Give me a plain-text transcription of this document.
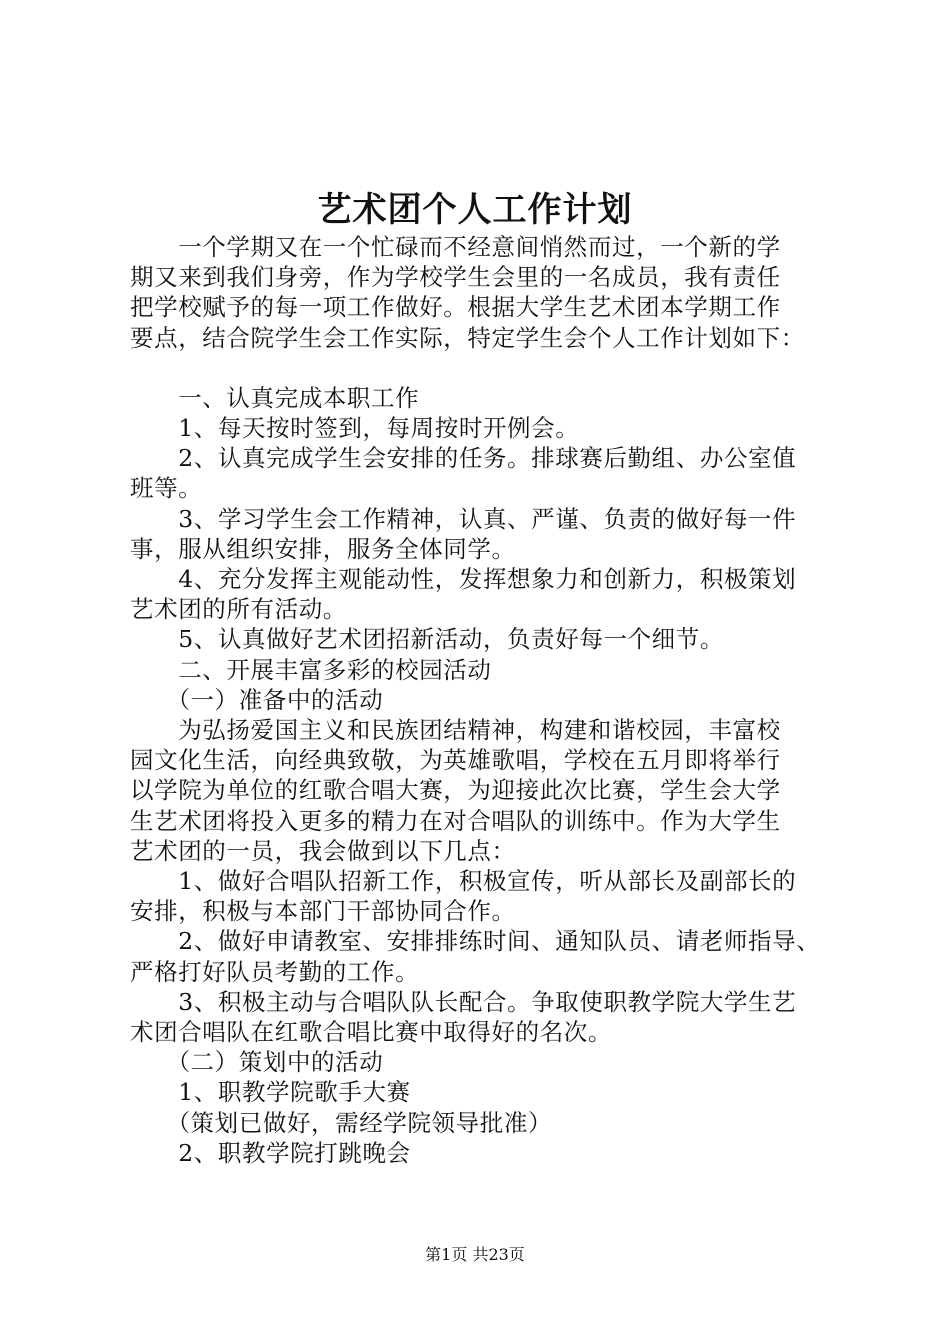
艺术团个人工作计划

　　一个学期又在一个忙碌而不经意间悄然而过，一个新的学

期又来到我们身旁，作为学校学生会里的一名成员，我有责任

把学校赋予的每一项工作做好。根据大学生艺术团本学期工作

要点，结合院学生会工作实际，特定学生会个人工作计划如下：

　　一、认真完成本职工作

　　1、每天按时签到，每周按时开例会。

　　2、认真完成学生会安排的任务。排球赛后勤组、办公室值

班等。

　　3、学习学生会工作精神，认真、严谨、负责的做好每一件

事，服从组织安排，服务全体同学。

　　4、充分发挥主观能动性，发挥想象力和创新力，积极策划

艺术团的所有活动。

　　5、认真做好艺术团招新活动，负责好每一个细节。

　　二、开展丰富多彩的校园活动

　　（一）准备中的活动

　　为弘扬爱国主义和民族团结精神，构建和谐校园，丰富校

园文化生活，向经典致敬，为英雄歌唱，学校在五月即将举行

以学院为单位的红歌合唱大赛，为迎接此次比赛，学生会大学

生艺术团将投入更多的精力在对合唱队的训练中。作为大学生

艺术团的一员，我会做到以下几点：

　　1、做好合唱队招新工作，积极宣传，听从部长及副部长的

安排，积极与本部门干部协同合作。

　　2、做好申请教室、安排排练时间、通知队员、请老师指导、

严格打好队员考勤的工作。

　　3、积极主动与合唱队队长配合。争取使职教学院大学生艺

术团合唱队在红歌合唱比赛中取得好的名次。

　　（二）策划中的活动

　　1、职教学院歌手大赛

　　（策划已做好，需经学院领导批准）

　　2、职教学院打跳晚会

第1页 共23页
